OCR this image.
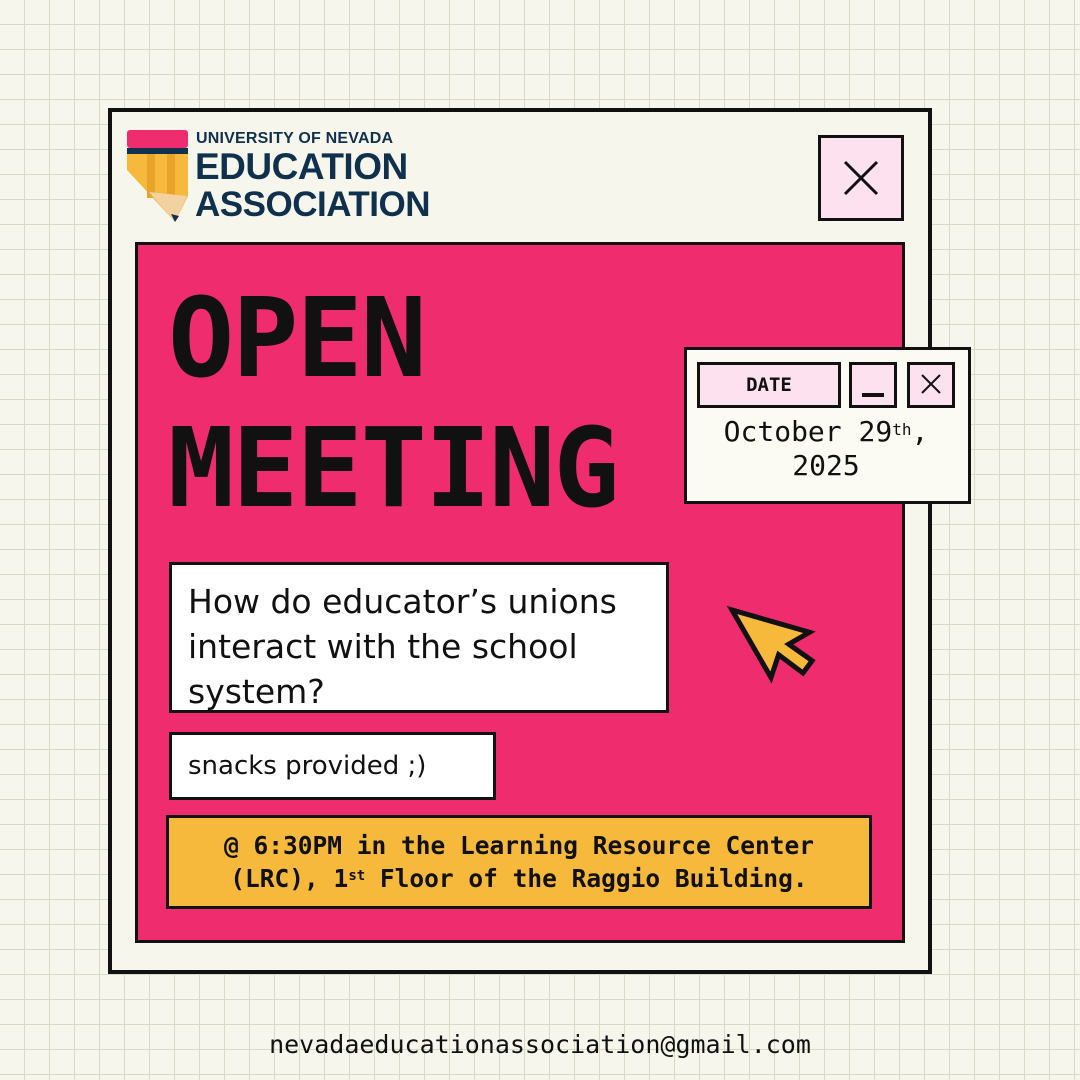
UNIVERSITY OF NEVADA
EDUCATION
ASSOCIATION
OPEN
MEETING
DATE
October 29th,
2025
How do educator’s unions interact with the school system?
snacks provided ;)
@ 6:30PM in the Learning Resource Center
(LRC), 1st Floor of the Raggio Building.
nevadaeducationassociation@gmail.com
